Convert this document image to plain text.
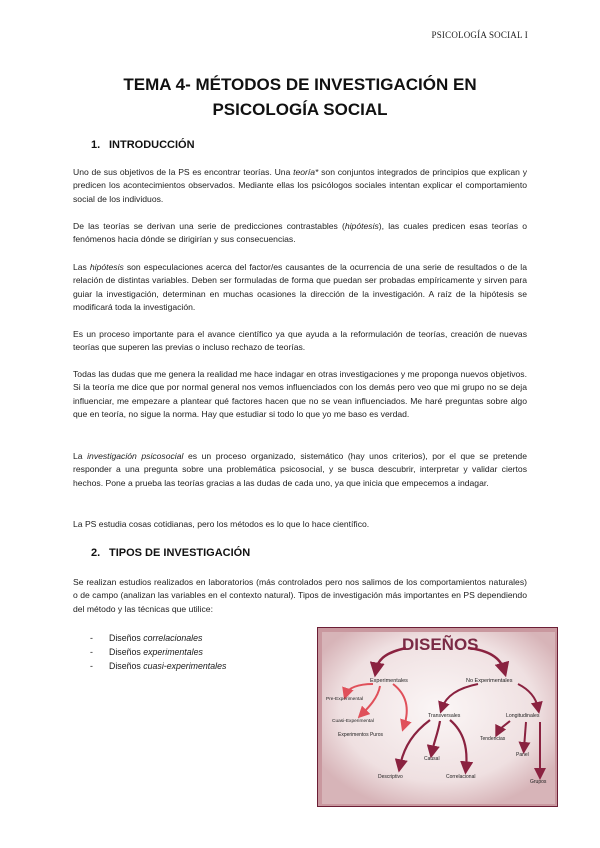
PSICOLOGÍA SOCIAL I
TEMA 4- MÉTODOS DE INVESTIGACIÓN EN
PSICOLOGÍA SOCIAL
1. INTRODUCCIÓN
Uno de sus objetivos de la PS es encontrar teorías. Una teoría* son conjuntos integrados de principios que explican y predicen los acontecimientos observados. Mediante ellas los psicólogos sociales intentan explicar el comportamiento social de los individuos.
De las teorías se derivan una serie de predicciones contrastables (hipótesis), las cuales predicen esas teorías o fenómenos hacia dónde se dirigirían y sus consecuencias.
Las hipótesis son especulaciones acerca del factor/es causantes de la ocurrencia de una serie de resultados o de la relación de distintas variables. Deben ser formuladas de forma que puedan ser probadas empíricamente y sirven para guiar la investigación, determinan en muchas ocasiones la dirección de la investigación. A raíz de la hipótesis se modificará toda la investigación.
Es un proceso importante para el avance científico ya que ayuda a la reformulación de teorías, creación de nuevas teorías que superen las previas o incluso rechazo de teorías.
Todas las dudas que me genera la realidad me hace indagar en otras investigaciones y me proponga nuevos objetivos. Si la teoría me dice que por normal general nos vemos influenciados con los demás pero veo que mi grupo no se deja influenciar, me empezare a plantear qué factores hacen que no se vean influenciados. Me haré preguntas sobre algo que en teoría, no sigue la norma. Hay que estudiar si todo lo que yo me baso es verdad.
La investigación psicosocial es un proceso organizado, sistemático (hay unos criterios), por el que se pretende responder a una pregunta sobre una problemática psicosocial, y se busca descubrir, interpretar y validar ciertos hechos. Pone a prueba las teorías gracias a las dudas de cada uno, ya que inicia que empecemos a indagar.
La PS estudia cosas cotidianas, pero los métodos es lo que lo hace científico.
2. TIPOS DE INVESTIGACIÓN
Se realizan estudios realizados en laboratorios (más controlados pero nos salimos de los comportamientos naturales) o de campo (analizan las variables en el contexto natural). Tipos de investigación más importantes en PS dependiendo del método y las técnicas que utilice:
- Diseños correlacionales
- Diseños experimentales
- Diseños cuasi-experimentales
DISEÑOS
Experimentales	No Experimentales
Pre-Experimental
Cuasi-Experimental
Experimentos Puros
Transversales	Longitudinales
Causal
Descriptivo	Correlacional
Tendencias
Panel
Grupos
